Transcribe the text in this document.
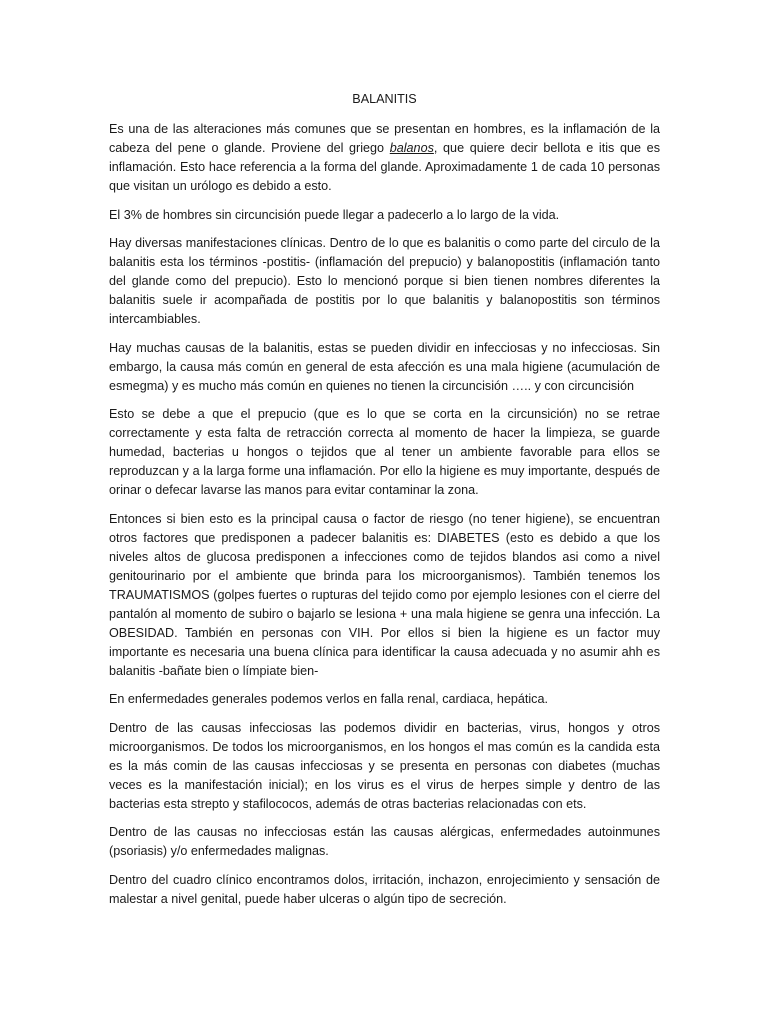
BALANITIS

Es una de las alteraciones más comunes que se presentan en hombres, es la inflamación de la cabeza del pene o glande. Proviene del griego balanos, que quiere decir bellota e itis que es inflamación. Esto hace referencia a la forma del glande. Aproximadamente 1 de cada 10 personas que visitan un urólogo es debido a esto.

El 3% de hombres sin circuncisión puede llegar a padecerlo a lo largo de la vida.

Hay diversas manifestaciones clínicas. Dentro de lo que es balanitis o como parte del circulo de la balanitis esta los términos -postitis- (inflamación del prepucio) y balanopostitis (inflamación tanto del glande como del prepucio). Esto lo mencionó porque si bien tienen nombres diferentes la balanitis suele ir acompañada de postitis por lo que balanitis y balanopostitis son términos intercambiables.

Hay muchas causas de la balanitis, estas se pueden dividir en infecciosas y no infecciosas. Sin embargo, la causa más común en general de esta afección es una mala higiene (acumulación de esmegma) y es mucho más común en quienes no tienen la circuncisión ….. y con circuncisión

Esto se debe a que el prepucio (que es lo que se corta en la circunsición) no se retrae correctamente y esta falta de retracción correcta al momento de hacer la limpieza, se guarde humedad, bacterias u hongos o tejidos que al tener un ambiente favorable para ellos se reproduzcan y a la larga forme una inflamación. Por ello la higiene es muy importante, después de orinar o defecar lavarse las manos para evitar contaminar la zona.

Entonces si bien esto es la principal causa o factor de riesgo (no tener higiene), se encuentran otros factores que predisponen a padecer balanitis es: DIABETES (esto es debido a que los niveles altos de glucosa predisponen a infecciones como de tejidos blandos asi como a nivel genitourinario por el ambiente que brinda para los microorganismos). También tenemos los TRAUMATISMOS (golpes fuertes o rupturas del tejido como por ejemplo lesiones con el cierre del pantalón al momento de subiro o bajarlo se lesiona + una mala higiene se genra una infección. La OBESIDAD. También en personas con VIH. Por ellos si bien la higiene es un factor muy importante es necesaria una buena clínica para identificar la causa adecuada y no asumir ahh es balanitis -bañate bien o límpiate bien-

En enfermedades generales podemos verlos en falla renal, cardiaca, hepática.

Dentro de las causas infecciosas las podemos dividir en bacterias, virus, hongos y otros microorganismos. De todos los microorganismos, en los hongos el mas común es la candida esta es la más comin de las causas infecciosas y se presenta en personas con diabetes (muchas veces es la manifestación inicial); en los virus es el virus de herpes simple y dentro de las bacterias esta strepto y stafilococos, además de otras bacterias relacionadas con ets.

Dentro de las causas no infecciosas están las causas alérgicas, enfermedades autoinmunes (psoriasis) y/o enfermedades malignas.

Dentro del cuadro clínico encontramos dolos, irritación, inchazon, enrojecimiento y sensación de malestar a nivel genital, puede haber ulceras o algún tipo de secreción.
